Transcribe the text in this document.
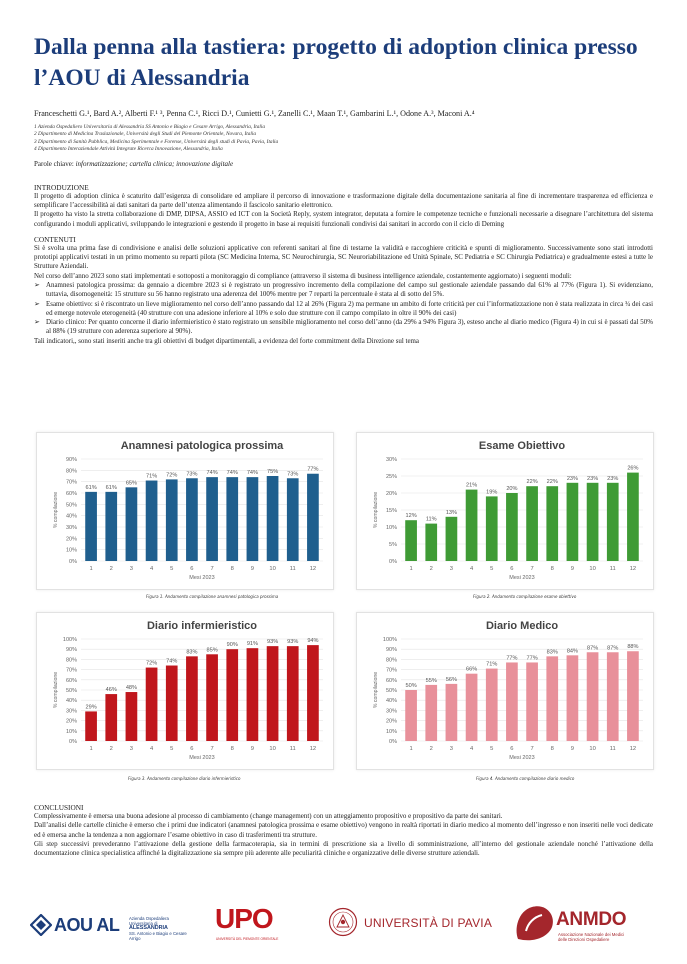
Dalla penna alla tastiera: progetto di adoption clinica presso l’AOU di Alessandria
Franceschetti G.¹, Bard A.², Alberti F.¹ ³, Penna C.¹, Ricci D.¹, Cunietti G.¹, Zanelli C.¹, Maan T.¹, Gambarini L.¹, Odone A.³, Maconi A.⁴
1 Azienda Ospedaliero Universitaria di Alessandria SS Antonio e Biagio e Cesare Arrigo, Alessandria, Italia
2 Dipartimento di Medicina Traslazionale, Università degli Studi del Piemonte Orientale, Novara, Italia
3 Dipartimento di Sanità Pubblica, Medicina Sperimentale e Forense, Università degli studi di Pavia, Pavia, Italia
4 Dipartimento Interaziendale Attività Integrate Ricerca Innovazione, Alessandria, Italia
Parole chiave: informatizzazione; cartella clinica; innovazione digitale
INTRODUZIONE

Il progetto di adoption clinica è scaturito dall’esigenza di consolidare ed ampliare il percorso di innovazione e trasformazione digitale della documentazione sanitaria al fine di incrementare trasparenza ed efficienza e semplificare l’accessibilità ai dati sanitari da parte dell’utenza alimentando il fascicolo sanitario elettronico.

Il progetto ha visto la stretta collaborazione di DMP, DIPSA, ASSIO ed ICT con la Società Reply, system integrator, deputata a fornire le competenze tecniche e funzionali necessarie a disegnare l’architettura del sistema configurando i moduli applicativi, sviluppando le integrazioni e gestendo il progetto in base ai requisiti funzionali condivisi dai sanitari in accordo con il ciclo di Deming

CONTENUTI

Si è svolta una prima fase di condivisione e analisi delle soluzioni applicative con referenti sanitari al fine di testarne la validità e raccoghiere criticità e spunti di miglioramento. Successivamente sono stati introdotti prototipi applicativi testati in un primo momento su reparti pilota (SC Medicina Interna, SC Neurochirurgia, SC Neuroriabilitazione ed Unità Spinale, SC Pediatria e SC Chirurgia Pediatrica) e gradualmente estesi a tutte le Strutture Aziendali.

Nel corso dell’anno 2023 sono stati implementati e sottoposti a monitoraggio di compliance (attraverso il sistema di business intelligence aziendale, costantemente aggiornato) i seguenti moduli:

➢ Anamnesi patologica prossima: da gennaio a dicembre 2023 si è registrato un progressivo incremento della compilazione del campo sul gestionale aziendale passando dal 61% al 77% (Figura 1). Si evidenziano, tuttavia, disomogeneità: 15 strutture su 56 hanno registrato una aderenza del 100% mentre per 7 reparti la percentuale è stata al di sotto del 5%.
➢ Esame obiettivo: si è riscontrato un lieve miglioramento nel corso dell’anno passando dal 12 al 26% (Figura 2) ma permane un ambito di forte criticità per cui l’informatizzazione non è stata realizzata in circa ¾ dei casi ed emerge notevole eterogeneità (40 strutture con una adesione inferiore al 10% e solo due strutture con il campo compilato in oltre il 90% dei casi)
➢ Diario clinico: Per quanto concerne il diario infermieristico è stato registrato un sensibile miglioramento nel corso dell’anno (da 29% a 94% Figura 3), esteso anche al diario medico (Figura 4) in cui si è passati dal 50% al 88% (19 strutture con aderenza superiore al 90%).

Tali indicatori,, sono stati inseriti anche tra gli obiettivi di budget dipartimentali, a evidenza del forte commitment della Direzione sul tema

Anamnesi patologica prossima
0%
10%
20%
30%
40%
50%
60%
70%
80%
90%
% compilazione
61%
1
61%
2
65%
3
71%
4
72%
5
73%
6
74%
7
74%
8
74%
9
75%
10
73%
11
77%
12
Mesi 2023
Figura 1. Andamento compilazione anamnesi patologica prossima
Esame Obiettivo
0%
5%
10%
15%
20%
25%
30%
% compilazione	12%
1
11%
2
13%
3
21%
4
19%
5
20%
6
22%
7
22%
8
23%
9
23%
10
23%
11
26%
12
Mesi 2023
Figura 2. Andamento compilazione esame obiettivo
Diario infermieristico
0%
10%
20%
30%
40%
50%
60%
70%
80%
90%
100%
% compilazione	29%
1
46%
2
48%
3
72%
4
74%
5
83%
6
85%
7
90%
8
91%
9
93%
10
93%
11
94%
12
Mesi 2023
Figura 3. Andamento compilazione diario infermieristico
Diario Medico
0%
10%
20%
30%
40%
50%
60%
70%
80%
90%
100%
% compilazione	50%
1
55%
2
56%
3
66%
4
71%
5
77%
6
77%
7
83%
8
84%
9
87%
10
87%
11
88%
12
Mesi 2023
Figura 4. Andamento compilazione diario medico
CONCLUSIONI

Complessivamente è emersa una buona adesione al processo di cambiamento (change management) con un atteggiamento propositivo e propositivo da parte dei sanitari.

Dall’analisi delle cartelle cliniche è emerso che i primi due indicatori (anamnesi patologica prossima e esame obiettivo) vengono in realtà riportati in diario medico al momento dell’ingresso e non inseriti nelle voci dedicate ed è emersa anche la tendenza a non aggiornare l’esame obiettivo in caso di trasferimenti tra strutture.

Gli step successivi prevederanno l’attivazione della gestione della farmacoterapia, sia in termini di prescrizione sia a livello di somministrazione, all’interno del gestionale aziendale nonché l’attivazione della documentazione clinica specialistica affinché la digitalizzazione sia sempre più aderente alle peculiarità cliniche e organizzative delle diverse strutture aziendali.

AOU AL Azienda Ospedaliera
Universitaria di
ALESSANDRIA
SS. Antonio e Biagio e Cesare Arrigo
UPO
UNIVERSITÀ DEL PIEMONTE ORIENTALE
UNIVERSITÀ DI PAVIA	ANMDO
Associazione Nazionale dei Medici
delle Direzioni Ospedaliere
